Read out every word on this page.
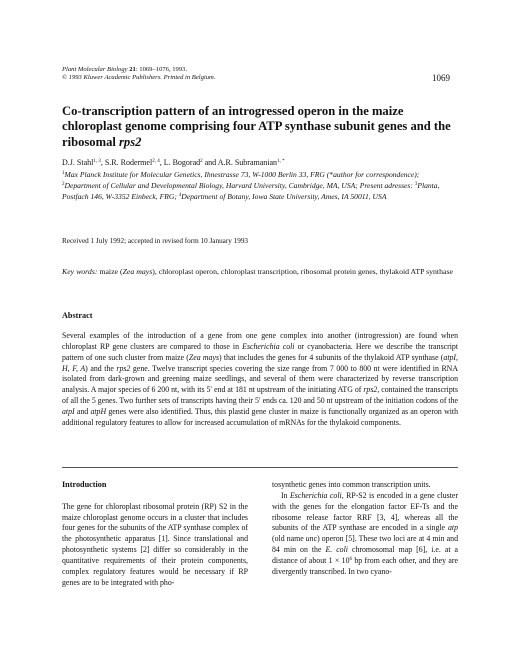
Plant Molecular Biology 21: 1069–1076, 1993.
© 1993 Kluwer Academic Publishers. Printed in Belgium.	1069
Co-transcription pattern of an introgressed operon in the maize
chloroplast genome comprising four ATP synthase subunit genes and the
ribosomal rps2
D.J. Stahl$^{1, 3}$, S.R. Rodermel$^{2, 4}$, L. Bogorad$^2$ and A.R. Subramanian$^{1, *}$
$^1$Max Planck Institute for Molecular Genetics, Ihnestrasse 73, W-1000 Berlin 33, FRG (*author for correspondence); $^2$Department of Cellular and Developmental Biology, Harvard University, Cambridge, MA, USA; Present adresses: $^3$Planta, Postfach 146, W-3352 Einbeck, FRG; $^4$Department of Botany, Iowa State University, Ames, IA 50011, USA
Received 1 July 1992; accepted in revised form 10 January 1993
Key words: maize (Zea mays), chloroplast operon, chloroplast transcription, ribosomal protein genes, thylakoid ATP synthase
Abstract
Several examples of the introduction of a gene from one gene complex into another (introgression) are found when chloroplast RP gene clusters are compared to those in Escherichia coli or cyanobacteria. Here we describe the transcript pattern of one such cluster from maize (Zea mays) that includes the genes for 4 subunits of the thylakoid ATP synthase (atpI, H, F, A) and the rps2 gene. Twelve transcript species covering the size range from 7 000 to 800 nt were identified in RNA isolated from dark-grown and greening maize seedlings, and several of them were characterized by reverse transcription analysis. A major species of 6 200 nt, with its 5′ end at 181 nt upstream of the initiating ATG of rps2, contained the transcripts of all the 5 genes. Two further sets of transcripts having their 5′ ends ca. 120 and 50 nt upstream of the initiation codons of the atpI and atpH genes were also identified. Thus, this plastid gene cluster in maize is functionally organized as an operon with additional regulatory features to allow for increased accumulation of mRNAs for the thylakoid components.
Introduction

The gene for chloroplast ribosomal protein (RP) S2 in the maize chloroplast genome occurs in a cluster that includes four genes for the subunits of the ATP synthase complex of the photosynthetic apparatus [1]. Since translational and photosynthetic systems [2] differ so considerably in the quantitative requirements of their protein components, complex regulatory features would be necessary if RP genes are to be integrated with pho-

tosynthetic genes into common transcription units.

In Escherichia coli, RP-S2 is encoded in a gene cluster with the genes for the elongation factor EF-Ts and the ribosome release factor RRF [3, 4], whereas all the subunits of the ATP synthase are encoded in a single atp (old name unc) operon [5]. These two loci are at 4 min and 84 min on the E. coli chromosomal map [6], i.e. at a distance of about $1 \times 10^6$ bp from each other, and they are divergently transcribed. In two cyano-
